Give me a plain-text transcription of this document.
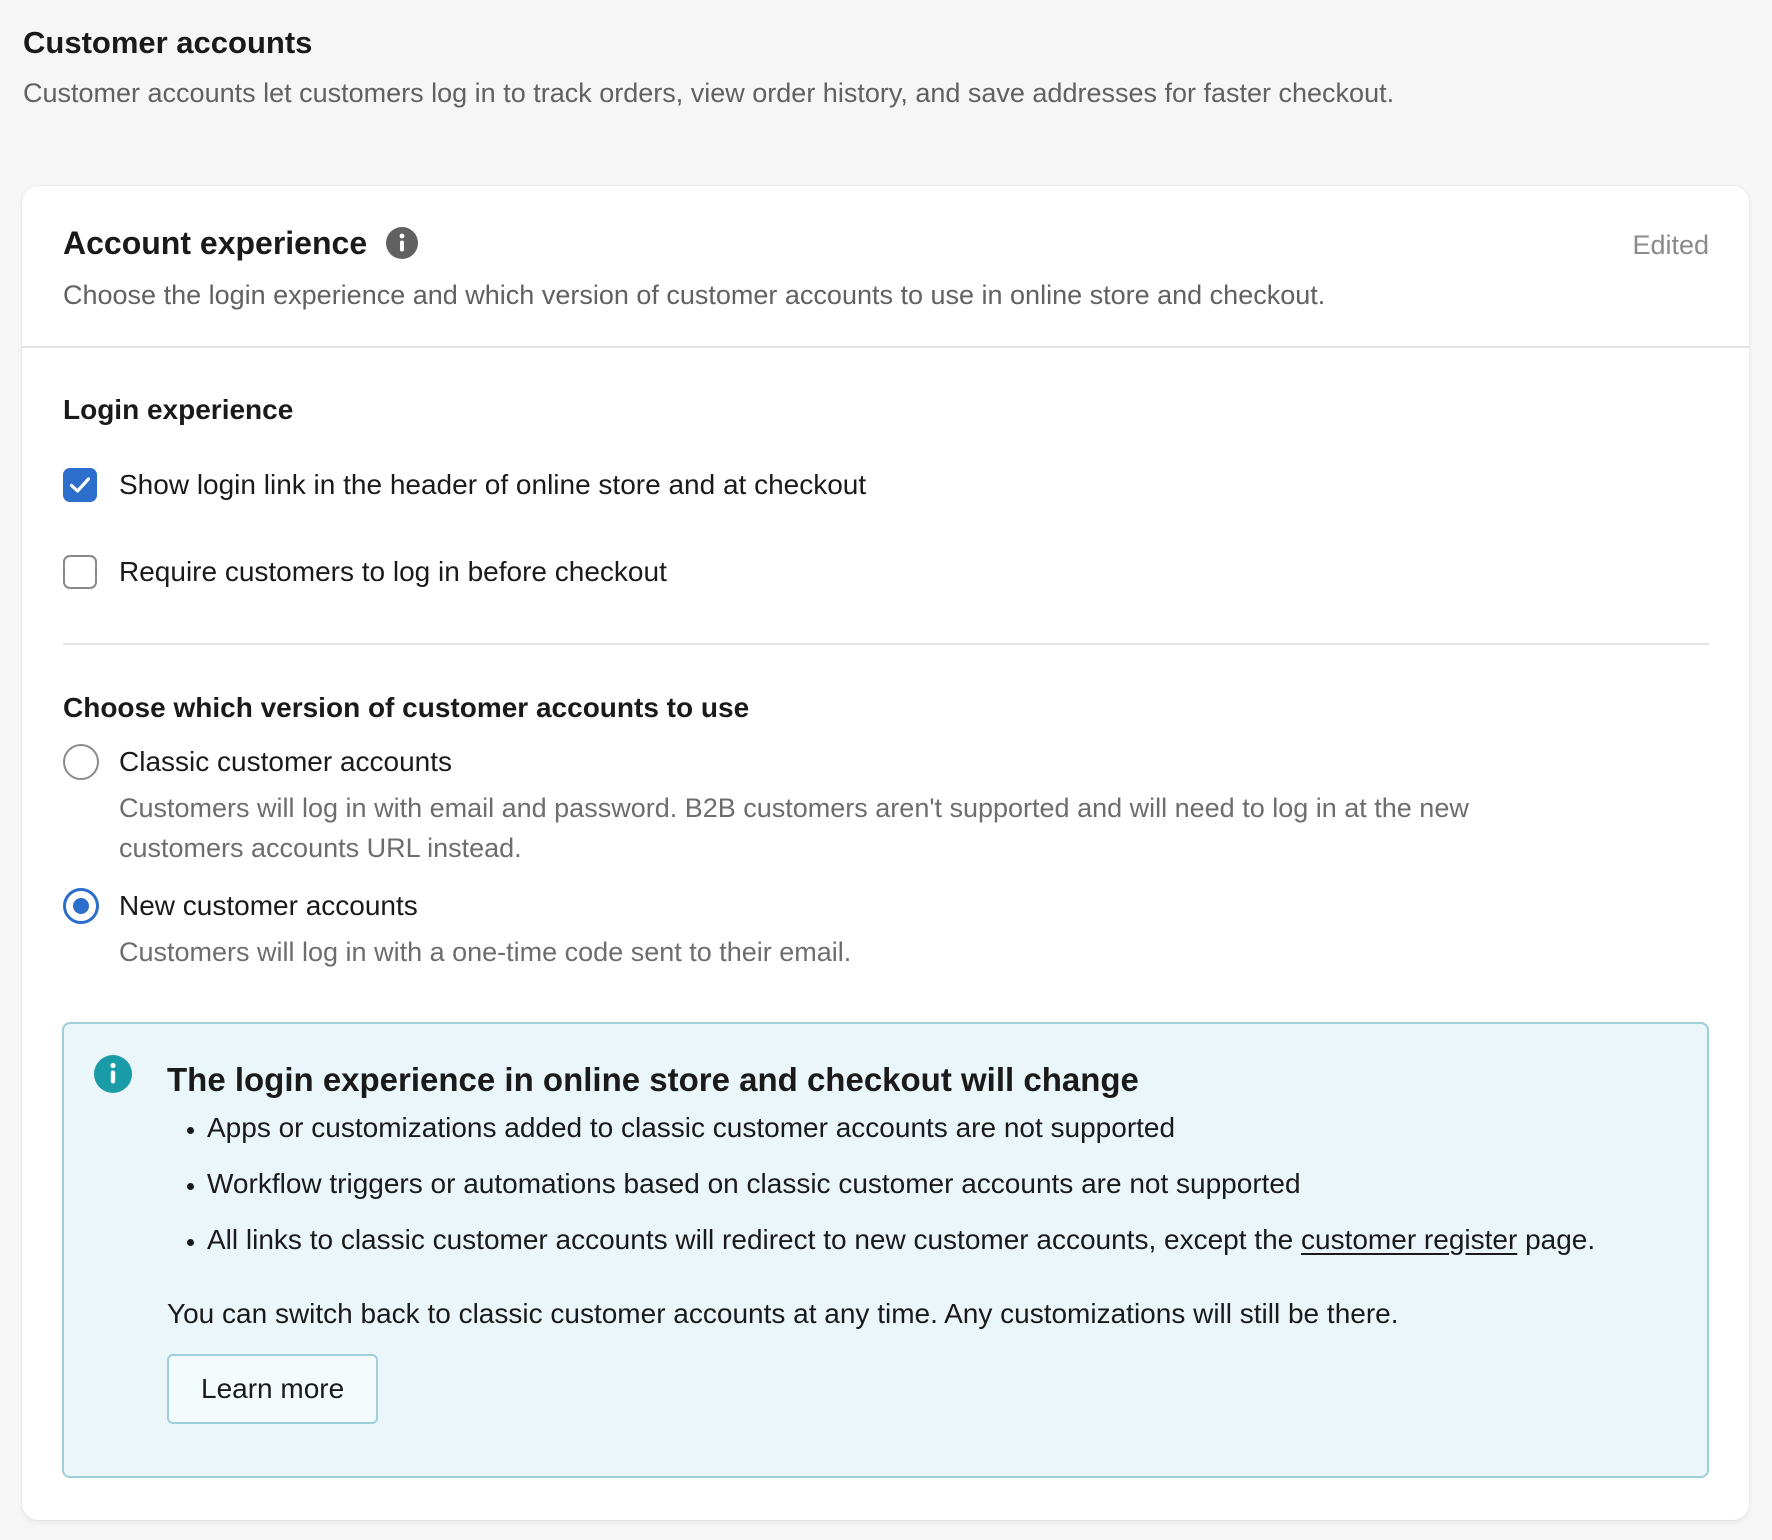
Customer accounts
Customer accounts let customers log in to track orders, view order history, and save addresses for faster checkout.
Account experience	Edited
Choose the login experience and which version of customer accounts to use in online store and checkout.
Login experience
Show login link in the header of online store and at checkout
Require customers to log in before checkout
Choose which version of customer accounts to use
Classic customer accounts
Customers will log in with email and password. B2B customers aren't supported and will need to log in at the new customers accounts URL instead.
New customer accounts
Customers will log in with a one-time code sent to their email.
The login experience in online store and checkout will change
• Apps or customizations added to classic customer accounts are not supported
• Workflow triggers or automations based on classic customer accounts are not supported
• All links to classic customer accounts will redirect to new customer accounts, except the customer register page.
You can switch back to classic customer accounts at any time. Any customizations will still be there.
Learn more
